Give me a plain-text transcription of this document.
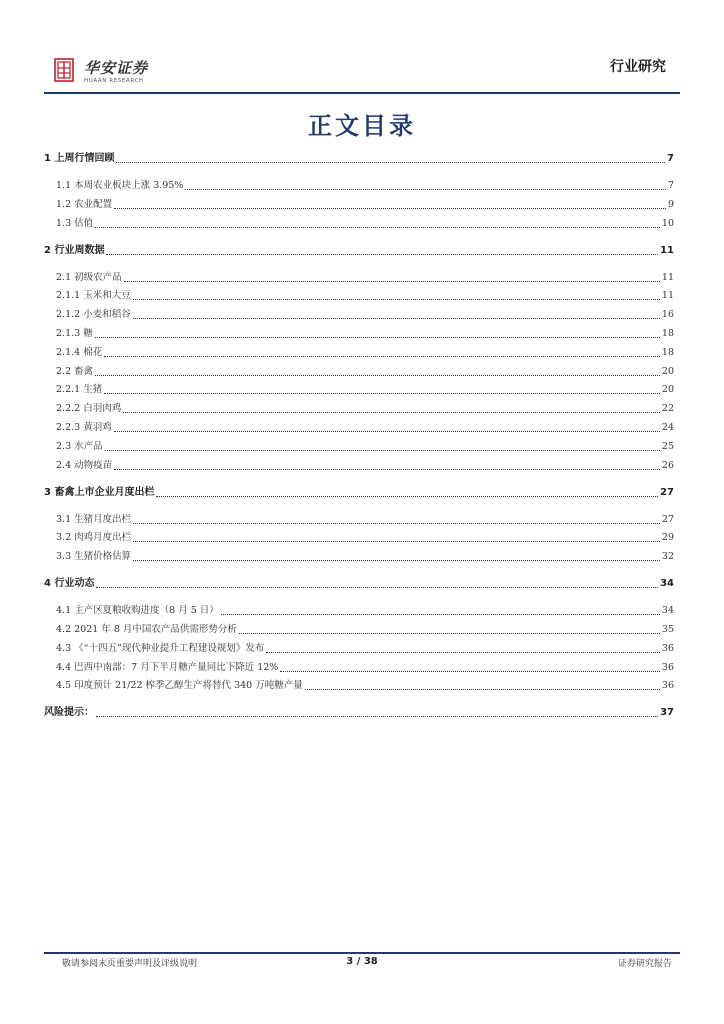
华安证券
HUAAN RESEARCH
行业研究
正文目录
1 上周行情回顾	7
1.1 本周农业板块上涨 3.95%	7
1.2 农业配置	9
1.3 估值	10
2 行业周数据	11
2.1 初级农产品	11
2.1.1 玉米和大豆	11
2.1.2 小麦和稻谷	16
2.1.3 糖	18
2.1.4 棉花	18
2.2 畜禽	20
2.2.1 生猪	20
2.2.2 白羽肉鸡	22
2.2.3 黄羽鸡	24
2.3 水产品	25
2.4 动物疫苗	26
3 畜禽上市企业月度出栏	27
3.1 生猪月度出栏	27
3.2 肉鸡月度出栏	29
3.3 生猪价格估算	32
4 行业动态	34
4.1 主产区夏粮收购进度（8 月 5 日）	34
4.2 2021 年 8 月中国农产品供需形势分析	35
4.3 《“十四五”现代种业提升工程建设规划》发布	36
4.4 巴西中南部：7 月下半月糖产量同比下降近 12%	36
4.5 印度预计 21/22 榨季乙醇生产将替代 340 万吨糖产量	36
风险提示：	37
敬请参阅末页重要声明及评级说明	3 / 38	证券研究报告
